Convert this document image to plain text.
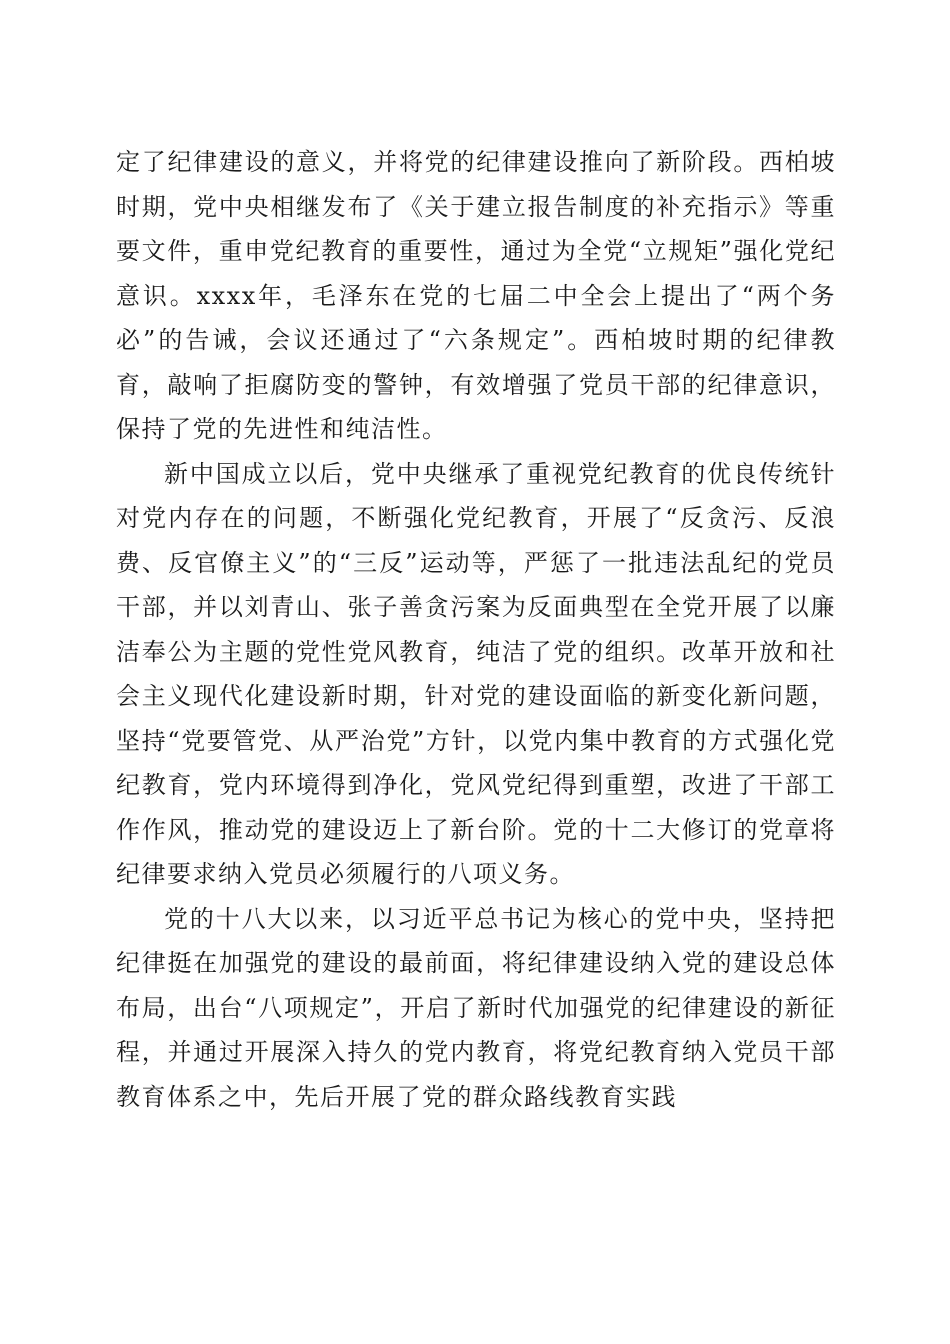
定了纪律建设的意义，并将党的纪律建设推向了新阶段。西柏坡时期，党中央相继发布了《关于建立报告制度的补充指示》等重要文件，重申党纪教育的重要性，通过为全党“立规矩”强化党纪意识。xxxx年，毛泽东在党的七届二中全会上提出了“两个务必”的告诫，会议还通过了“六条规定”。西柏坡时期的纪律教育，敲响了拒腐防变的警钟，有效增强了党员干部的纪律意识，保持了党的先进性和纯洁性。

新中国成立以后，党中央继承了重视党纪教育的优良传统针对党内存在的问题，不断强化党纪教育，开展了“反贪污、反浪费、反官僚主义”的“三反”运动等，严惩了一批违法乱纪的党员干部，并以刘青山、张子善贪污案为反面典型在全党开展了以廉洁奉公为主题的党性党风教育，纯洁了党的组织。改革开放和社会主义现代化建设新时期，针对党的建设面临的新变化新问题，坚持“党要管党、从严治党”方针，以党内集中教育的方式强化党纪教育，党内环境得到净化，党风党纪得到重塑，改进了干部工作作风，推动党的建设迈上了新台阶。党的十二大修订的党章将纪律要求纳入党员必须履行的八项义务。

党的十八大以来，以习近平总书记为核心的党中央，坚持把纪律挺在加强党的建设的最前面，将纪律建设纳入党的建设总体布局，出台“八项规定”，开启了新时代加强党的纪律建设的新征程，并通过开展深入持久的党内教育，将党纪教育纳入党员干部教育体系之中，先后开展了党的群众路线教育实践
